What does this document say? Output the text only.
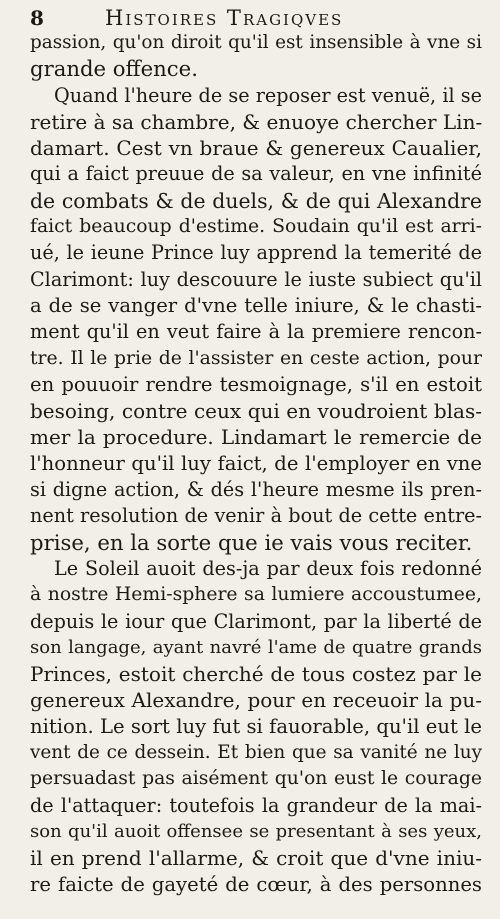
8	Histoires Tragiqves
passion, qu'on diroit qu'il est insensible à vne si
grande offence.
Quand l'heure de se reposer est venuë, il se
retire à sa chambre, & enuoye chercher Lin-
damart. Cest vn braue & genereux Caualier,
qui a faict preuue de sa valeur, en vne infinité
de combats & de duels, & de qui Alexandre
faict beaucoup d'estime. Soudain qu'il est arri-
ué, le ieune Prince luy apprend la temerité de
Clarimont: luy descouure le iuste subiect qu'il
a de se vanger d'vne telle iniure, & le chasti-
ment qu'il en veut faire à la premiere rencon-
tre. Il le prie de l'assister en ceste action, pour
en pouuoir rendre tesmoignage, s'il en estoit
besoing, contre ceux qui en voudroient blas-
mer la procedure. Lindamart le remercie de
l'honneur qu'il luy faict, de l'employer en vne
si digne action, & dés l'heure mesme ils pren-
nent resolution de venir à bout de cette entre-
prise, en la sorte que ie vais vous reciter.
Le Soleil auoit des-ja par deux fois redonné
à nostre Hemi-sphere sa lumiere accoustumee,
depuis le iour que Clarimont, par la liberté de
son langage, ayant navré l'ame de quatre grands
Princes, estoit cherché de tous costez par le
genereux Alexandre, pour en receuoir la pu-
nition. Le sort luy fut si fauorable, qu'il eut le
vent de ce dessein. Et bien que sa vanité ne luy
persuadast pas aisément qu'on eust le courage
de l'attaquer: toutefois la grandeur de la mai-
son qu'il auoit offensee se presentant à ses yeux,
il en prend l'allarme, & croit que d'vne iniu-
re faicte de gayeté de cœur, à des personnes
